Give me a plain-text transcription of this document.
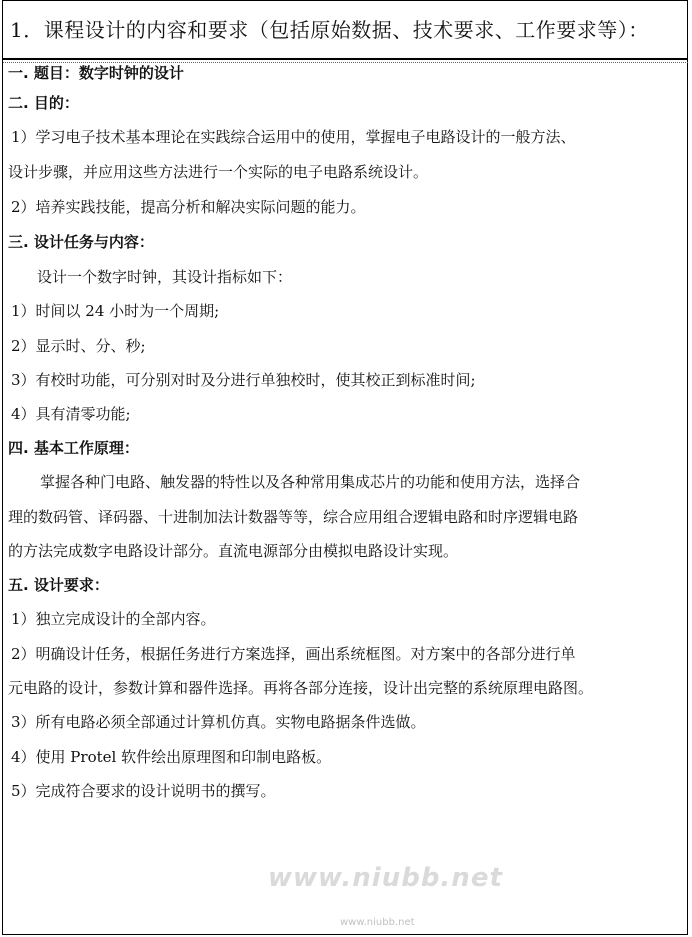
1．课程设计的内容和要求（包括原始数据、技术要求、工作要求等）：
一. 题目：数字时钟的设计
二. 目的：
1）学习电子技术基本理论在实践综合运用中的使用，掌握电子电路设计的一般方法、
设计步骤，并应用这些方法进行一个实际的电子电路系统设计。
2）培养实践技能，提高分析和解决实际问题的能力。
三. 设计任务与内容：
设计一个数字时钟，其设计指标如下：
1）时间以 24 小时为一个周期;
2）显示时、分、秒;
3）有校时功能，可分别对时及分进行单独校时，使其校正到标准时间;
4）具有清零功能;
四. 基本工作原理：
掌握各种门电路、触发器的特性以及各种常用集成芯片的功能和使用方法，选择合
理的数码管、译码器、十进制加法计数器等等，综合应用组合逻辑电路和时序逻辑电路
的方法完成数字电路设计部分。直流电源部分由模拟电路设计实现。
五. 设计要求：
1）独立完成设计的全部内容。
2）明确设计任务，根据任务进行方案选择，画出系统框图。对方案中的各部分进行单
元电路的设计，参数计算和器件选择。再将各部分连接，设计出完整的系统原理电路图。
3）所有电路必须全部通过计算机仿真。实物电路据条件选做。
4）使用 Protel 软件绘出原理图和印制电路板。
5）完成符合要求的设计说明书的撰写。
www.niubb.net
www.niubb.net
